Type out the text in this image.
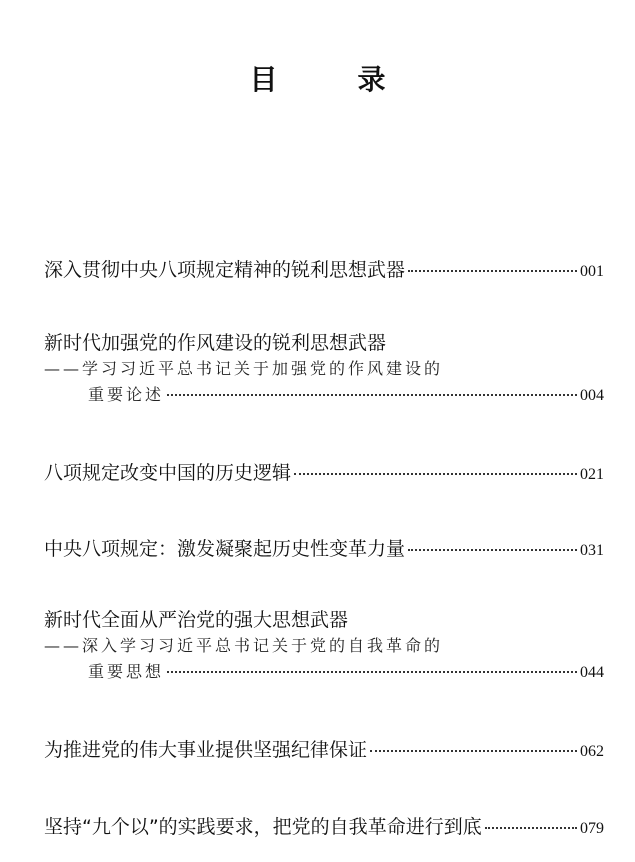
目　录
深入贯彻中央八项规定精神的锐利思想武器	001
新时代加强党的作风建设的锐利思想武器
——学习习近平总书记关于加强党的作风建设的
重要论述	004
八项规定改变中国的历史逻辑	021
中央八项规定：激发凝聚起历史性变革力量	031
新时代全面从严治党的强大思想武器
——深入学习习近平总书记关于党的自我革命的
重要思想	044
为推进党的伟大事业提供坚强纪律保证	062
坚持“九个以”的实践要求，把党的自我革命进行到底	079
